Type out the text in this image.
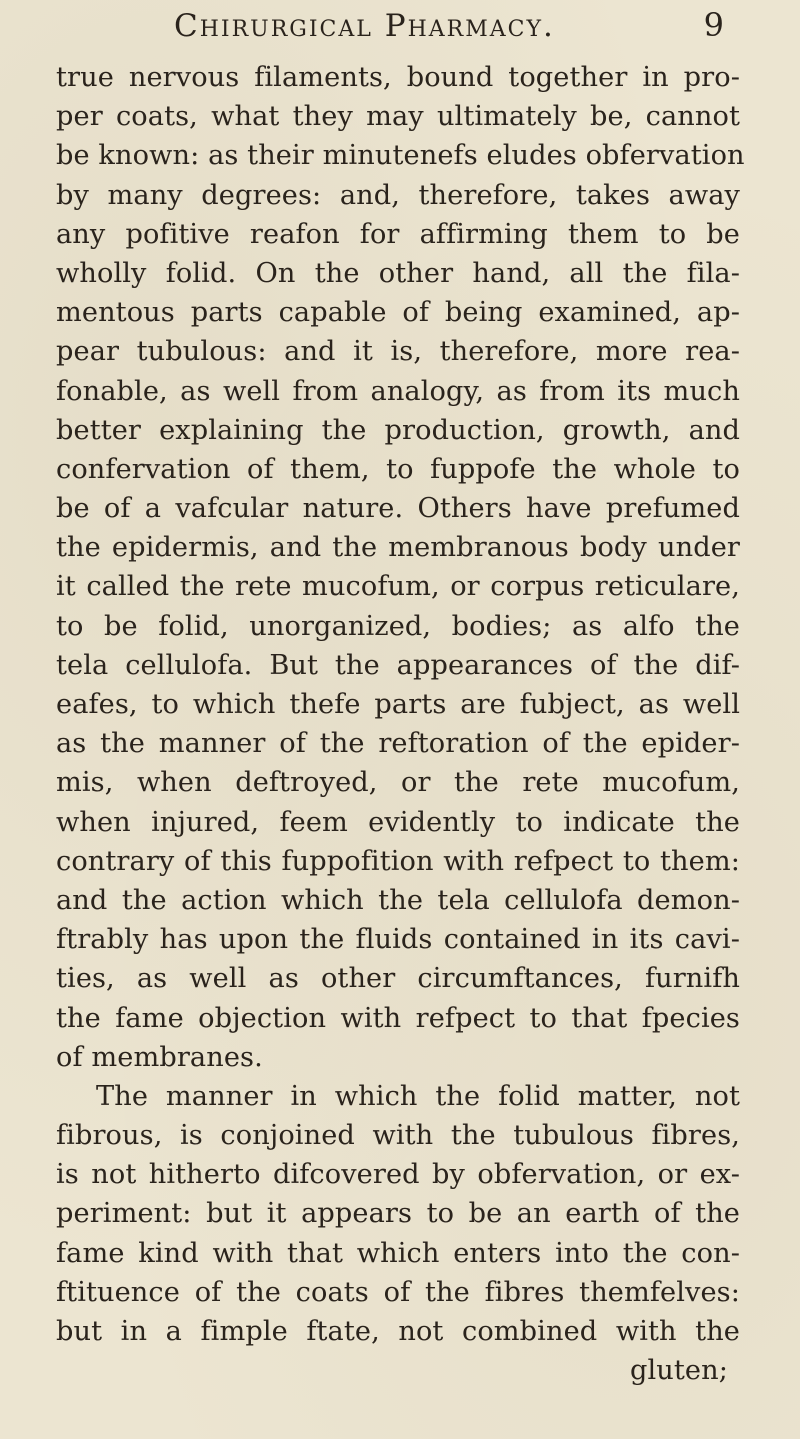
Chirurgical Pharmacy.	9
true nervous filaments, bound together in pro-
per coats, what they may ultimately be, cannot
be known: as their minutenefs eludes obfervation
by many degrees: and, therefore, takes away
any pofitive reafon for affirming them to be
wholly folid. On the other hand, all the fila-
mentous parts capable of being examined, ap-
pear tubulous: and it is, therefore, more rea-
fonable, as well from analogy, as from its much
better explaining the production, growth, and
confervation of them, to fuppofe the whole to
be of a vafcular nature. Others have prefumed
the epidermis, and the membranous body under
it called the rete mucofum, or corpus reticulare,
to be folid, unorganized, bodies; as alfo the
tela cellulofa. But the appearances of the dif-
eafes, to which thefe parts are fubject, as well
as the manner of the reftoration of the epider-
mis, when deftroyed, or the rete mucofum,
when injured, feem evidently to indicate the
contrary of this fuppofition with refpect to them:
and the action which the tela cellulofa demon-
ftrably has upon the fluids contained in its cavi-
ties, as well as other circumftances, furnifh
the fame objection with refpect to that fpecies
of membranes.
The manner in which the folid matter, not
fibrous, is conjoined with the tubulous fibres,
is not hitherto difcovered by obfervation, or ex-
periment: but it appears to be an earth of the
fame kind with that which enters into the con-
ftituence of the coats of the fibres themfelves:
but in a fimple ftate, not combined with the
gluten;
